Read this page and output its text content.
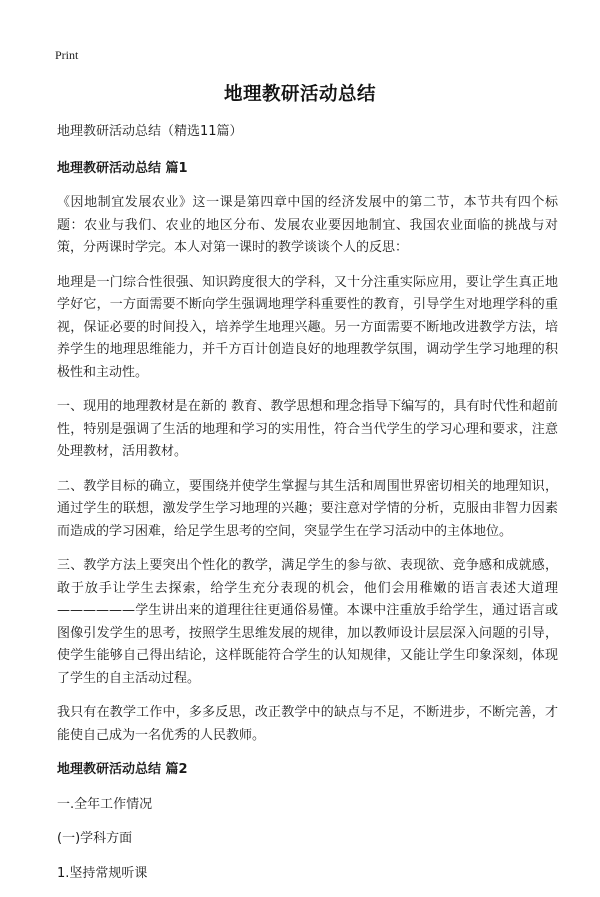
Print
地理教研活动总结

地理教研活动总结（精选11篇）

地理教研活动总结 篇1

《因地制宜发展农业》这一课是第四章中国的经济发展中的第二节，本节共有四个标题：农业与我们、农业的地区分布、发展农业要因地制宜、我国农业面临的挑战与对策，分两课时学完。本人对第一课时的教学谈谈个人的反思：

地理是一门综合性很强、知识跨度很大的学科，又十分注重实际应用，要让学生真正地学好它，一方面需要不断向学生强调地理学科重要性的教育，引导学生对地理学科的重视，保证必要的时间投入，培养学生地理兴趣。另一方面需要不断地改进教学方法，培养学生的地理思维能力，并千方百计创造良好的地理教学氛围，调动学生学习地理的积极性和主动性。

一、现用的地理教材是在新的 教育、教学思想和理念指导下编写的，具有时代性和超前性，特别是强调了生活的地理和学习的实用性，符合当代学生的学习心理和要求，注意处理教材，活用教材。

二、教学目标的确立，要围绕并使学生掌握与其生活和周围世界密切相关的地理知识，通过学生的联想，激发学生学习地理的兴趣；要注意对学情的分析，克服由非智力因素而造成的学习困难，给足学生思考的空间，突显学生在学习活动中的主体地位。

三、教学方法上要突出个性化的教学，满足学生的参与欲、表现欲、竞争感和成就感，敢于放手让学生去探索，给学生充分表现的机会，他们会用稚嫩的语言表述大道理——————学生讲出来的道理往往更通俗易懂。本课中注重放手给学生，通过语言或图像引发学生的思考，按照学生思维发展的规律，加以教师设计层层深入问题的引导，使学生能够自己得出结论，这样既能符合学生的认知规律，又能让学生印象深刻，体现了学生的自主活动过程。

我只有在教学工作中，多多反思，改正教学中的缺点与不足，不断进步，不断完善，才能使自己成为一名优秀的人民教师。

地理教研活动总结 篇2

一.全年工作情况

(一)学科方面

1.坚持常规听课
